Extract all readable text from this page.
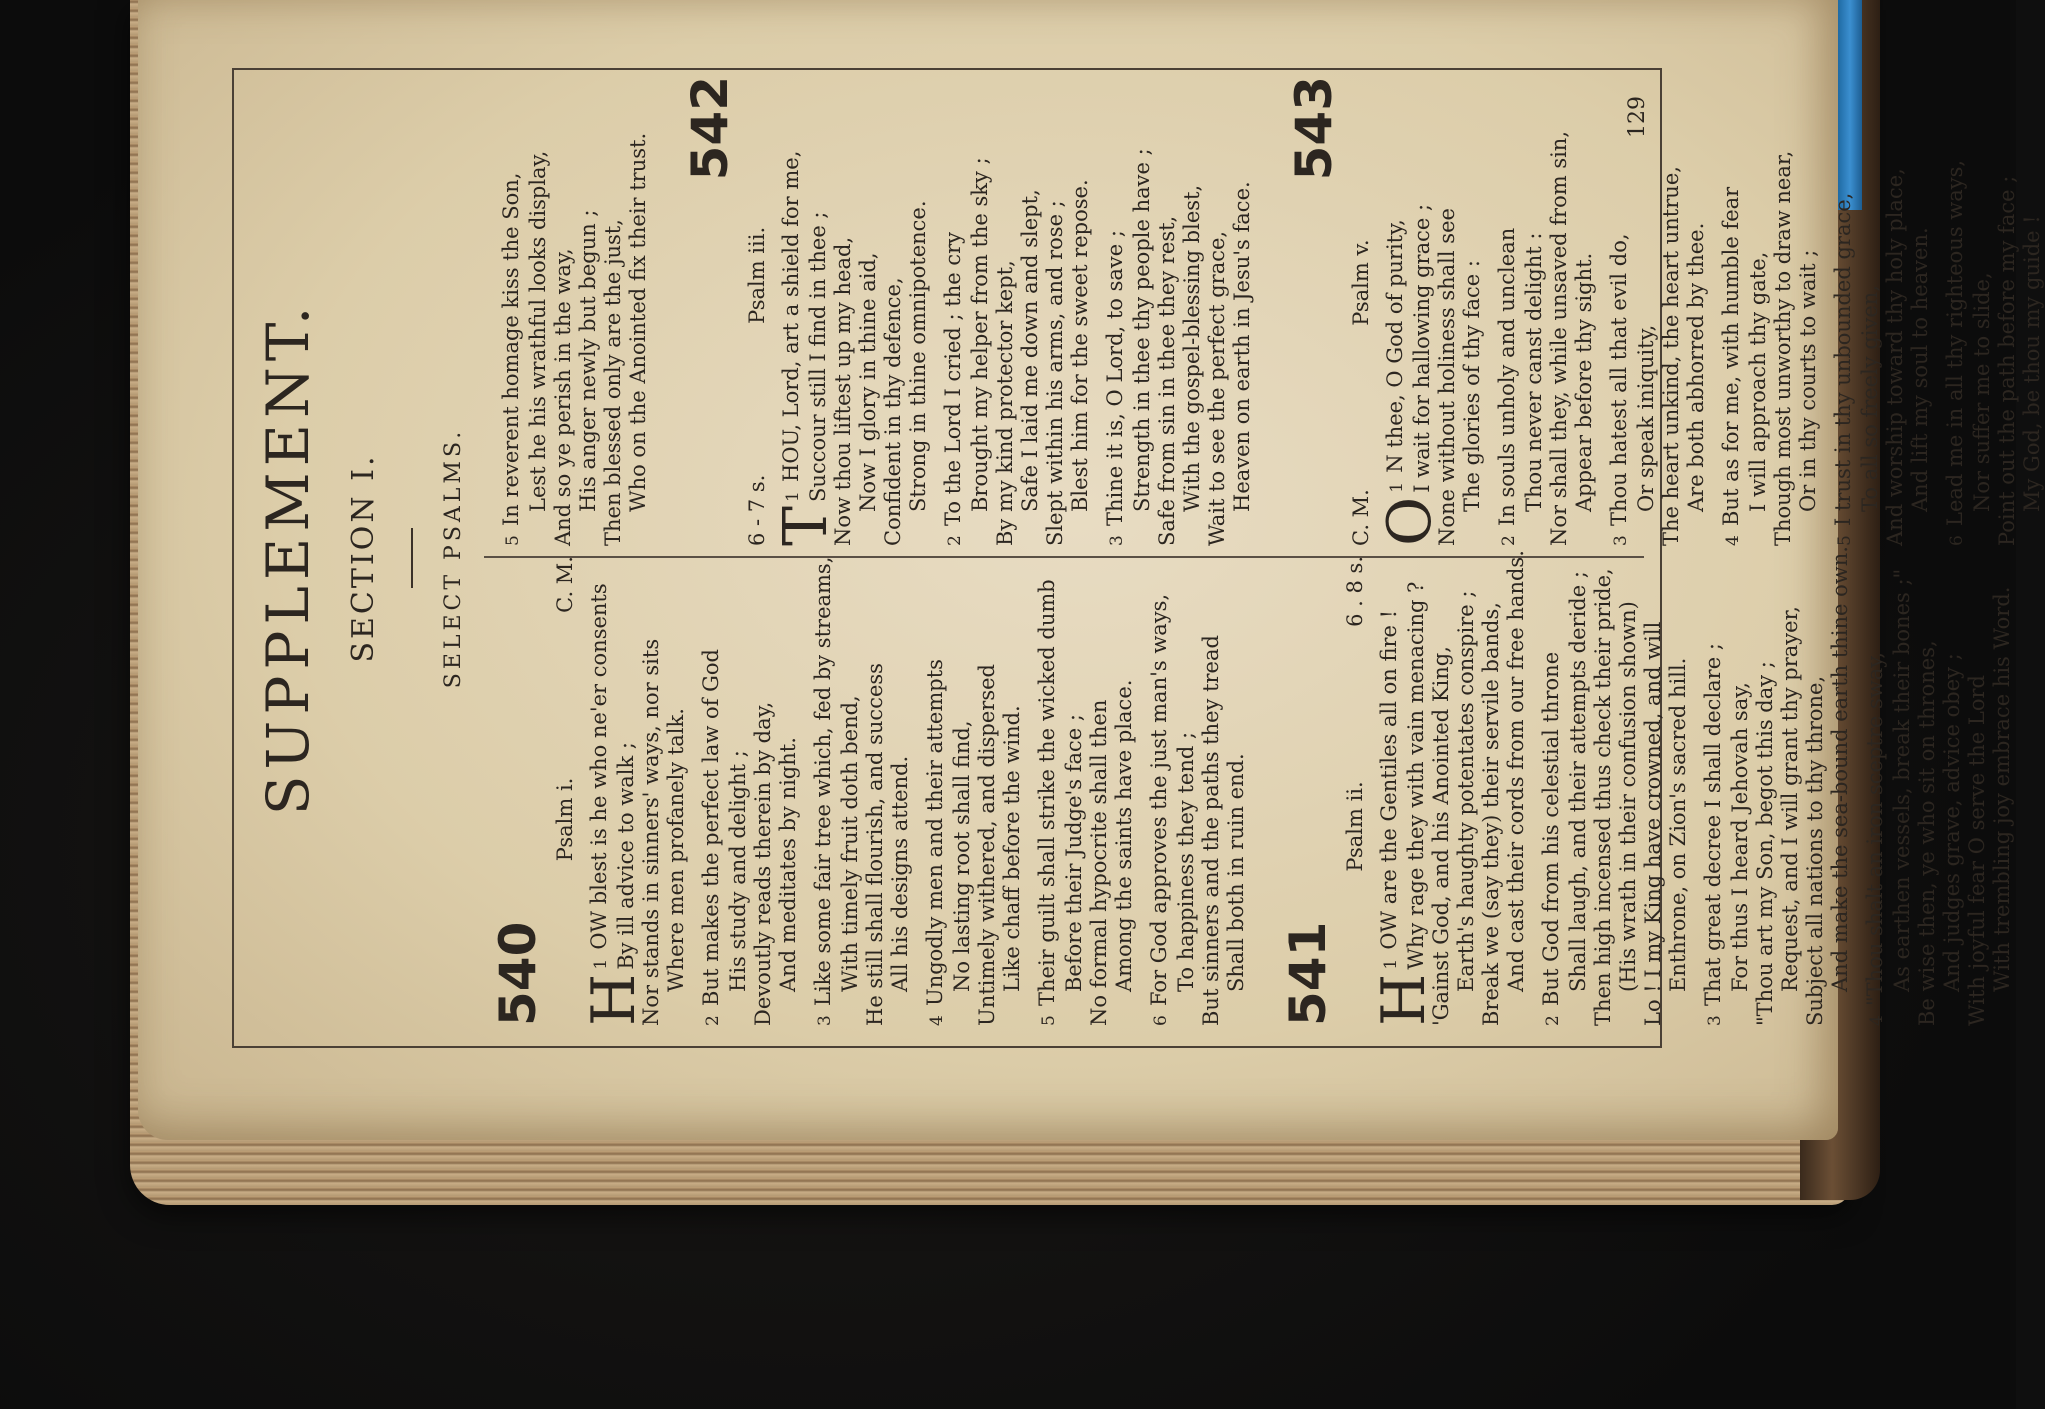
SUPPLEMENT. SECTION I.	SELECT PSALMS.
540
Psalm i.
C. M.
H
1OW blest is he who ne'er consents By ill advice to walk ; Nor stands in sinners' ways, nor sits Where men profanely talk.
2But makes the perfect law of God His study and delight ; Devoutly reads therein by day, And meditates by night.
3Like some fair tree which, fed by streams, With timely fruit doth bend, He still shall flourish, and success All his designs attend.
4Ungodly men and their attempts No lasting root shall find, Untimely withered, and dispersed Like chaff before the wind.
5Their guilt shall strike the wicked dumb Before their Judge's face ; No formal hypocrite shall then Among the saints have place.
6For God approves the just man's ways, To happiness they tend ; But sinners and the paths they tread Shall both in ruin end. 541
Psalm ii.
6 . 8 s.
H
1OW are the Gentiles all on fire ! Why rage they with vain menacing ? 'Gainst God, and his Anointed King, Earth's haughty potentates conspire ; Break we (say they) their servile bands, And cast their cords from our free hands.
2But God from his celestial throne Shall laugh, and their attempts deride ; Then high incensed thus check their pride, (His wrath in their confusion shown) Lo ! I my King have crowned, and will Enthrone, on Zion's sacred hill.
3That great decree I shall declare ; For thus I heard Jehovah say, "Thou art my Son, begot this day ; Request, and I will grant thy prayer, Subject all nations to thy throne, And make the sea-bound earth thine own.
4"Thou shalt an iron sceptre sway, As earthen vessels, break their bones ;" Be wise then, ye who sit on thrones, And judges grave, advice obey ; With joyful fear O serve the Lord With trembling joy embrace his Word.
5In reverent homage kiss the Son, Lest he his wrathful looks display, And so ye perish in the way, His anger newly but begun ; Then blessed only are the just, Who on the Anointed fix their trust.
542
6 - 7 s.
Psalm iii.
T
1HOU, Lord, art a shield for me, Succour still I find in thee ; Now thou liftest up my head, Now I glory in thine aid, Confident in thy defence, Strong in thine omnipotence.
2To the Lord I cried ; the cry Brought my helper from the sky ; By my kind protector kept, Safe I laid me down and slept, Slept within his arms, and rose ; Blest him for the sweet repose.
3Thine it is, O Lord, to save ; Strength in thee thy people have ; Safe from sin in thee they rest, With the gospel-blessing blest, Wait to see the perfect grace, Heaven on earth in Jesu's face.
543
C. M.
Psalm v.
O
1N thee, O God of purity, I wait for hallowing grace ; None without holiness shall see The glories of thy face :
2In souls unholy and unclean Thou never canst delight : Nor shall they, while unsaved from sin, Appear before thy sight.
3Thou hatest all that evil do, Or speak iniquity, The heart unkind, the heart untrue, Are both abhorred by thee.
4But as for me, with humble fear I will approach thy gate, Though most unworthy to draw near, Or in thy courts to wait ;
5I trust in thy unbounded grace, To all so freely given, And worship toward thy holy place, And lift my soul to heaven.
6Lead me in all thy righteous ways, Nor suffer me to slide, Point out the path before my face ; My God, be thou my guide !
129
